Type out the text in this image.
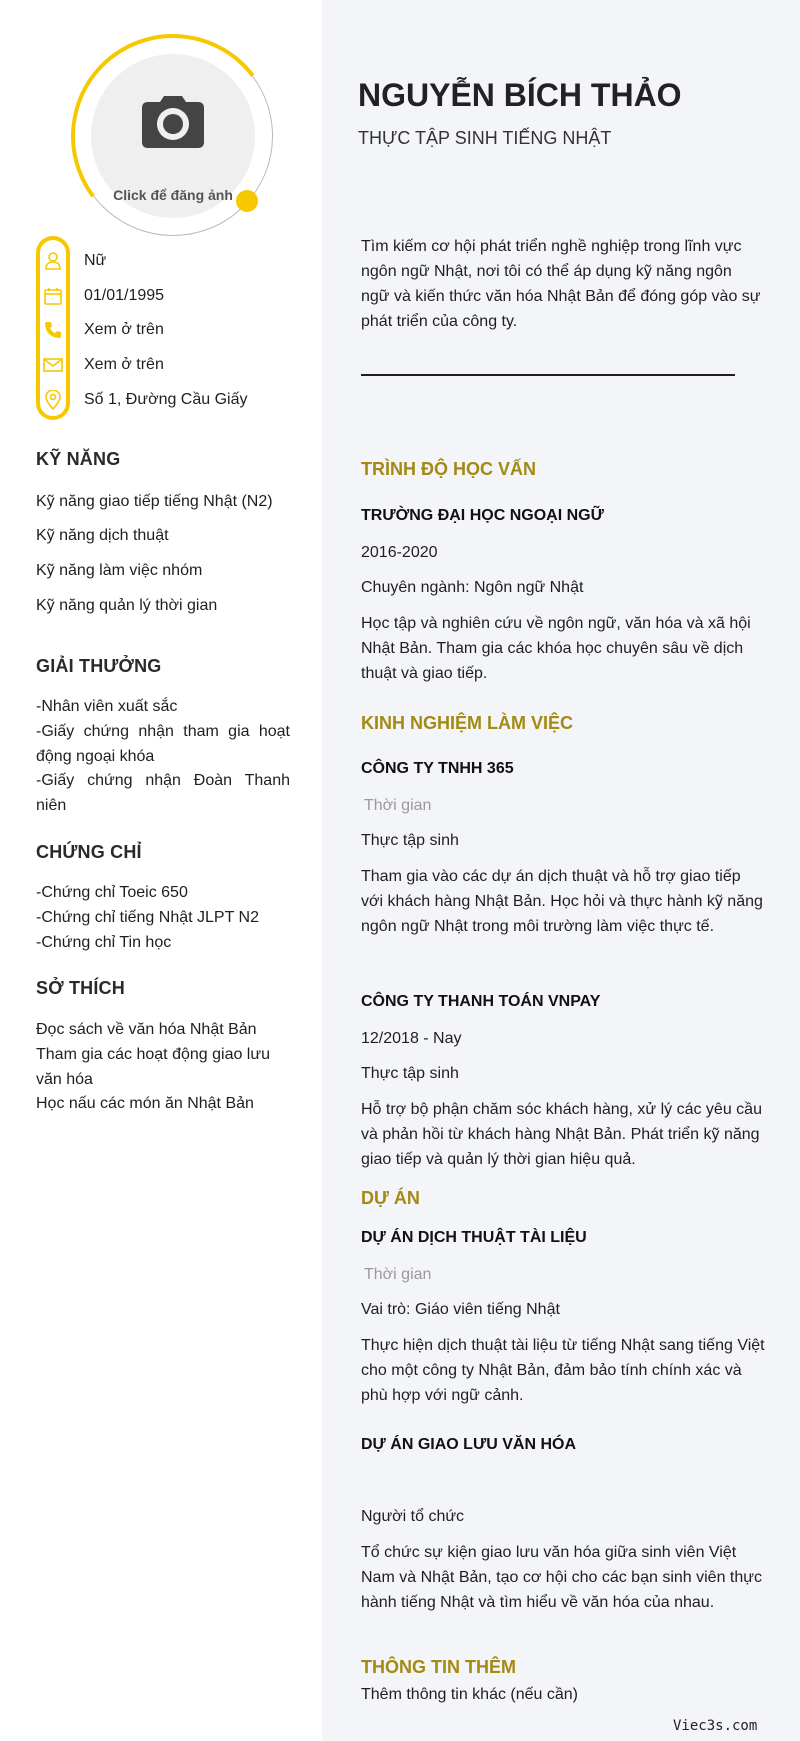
Click để đăng ảnh
Nữ
01/01/1995
Xem ở trên
Xem ở trên
Số 1, Đường Cầu Giấy
KỸ NĂNG
Kỹ năng giao tiếp tiếng Nhật (N2)
Kỹ năng dịch thuật
Kỹ năng làm việc nhóm
Kỹ năng quản lý thời gian
GIẢI THƯỞNG
-Nhân viên xuất sắc
-Giấy chứng nhận tham gia hoạt động ngoại khóa
-Giấy chứng nhận Đoàn Thanh niên
CHỨNG CHỈ
-Chứng chỉ Toeic 650
-Chứng chỉ tiếng Nhật JLPT N2
-Chứng chỉ Tin học
SỞ THÍCH
Đọc sách về văn hóa Nhật Bản
Tham gia các hoạt động giao lưu văn hóa
Học nấu các món ăn Nhật Bản
NGUYỄN BÍCH THẢO
THỰC TẬP SINH TIẾNG NHẬT
Tìm kiếm cơ hội phát triển nghề nghiệp trong lĩnh vực ngôn ngữ Nhật, nơi tôi có thể áp dụng kỹ năng ngôn ngữ và kiến thức văn hóa Nhật Bản để đóng góp vào sự phát triển của công ty.
TRÌNH ĐỘ HỌC VẤN
TRƯỜNG ĐẠI HỌC NGOẠI NGỮ
2016-2020
Chuyên ngành: Ngôn ngữ Nhật
Học tập và nghiên cứu về ngôn ngữ, văn hóa và xã hội Nhật Bản. Tham gia các khóa học chuyên sâu về dịch thuật và giao tiếp.
KINH NGHIỆM LÀM VIỆC
CÔNG TY TNHH 365
Thời gian
Thực tập sinh
Tham gia vào các dự án dịch thuật và hỗ trợ giao tiếp với khách hàng Nhật Bản. Học hỏi và thực hành kỹ năng ngôn ngữ Nhật trong môi trường làm việc thực tế.
CÔNG TY THANH TOÁN VNPAY
12/2018 - Nay
Thực tập sinh
Hỗ trợ bộ phận chăm sóc khách hàng, xử lý các yêu cầu và phản hồi từ khách hàng Nhật Bản. Phát triển kỹ năng giao tiếp và quản lý thời gian hiệu quả.
DỰ ÁN
DỰ ÁN DỊCH THUẬT TÀI LIỆU
Thời gian
Vai trò: Giáo viên tiếng Nhật
Thực hiện dịch thuật tài liệu từ tiếng Nhật sang tiếng Việt cho một công ty Nhật Bản, đảm bảo tính chính xác và phù hợp với ngữ cảnh.
DỰ ÁN GIAO LƯU VĂN HÓA
Người tổ chức
Tổ chức sự kiện giao lưu văn hóa giữa sinh viên Việt Nam và Nhật Bản, tạo cơ hội cho các bạn sinh viên thực hành tiếng Nhật và tìm hiểu về văn hóa của nhau.
THÔNG TIN THÊM
Thêm thông tin khác (nếu cần)
Viec3s.com
